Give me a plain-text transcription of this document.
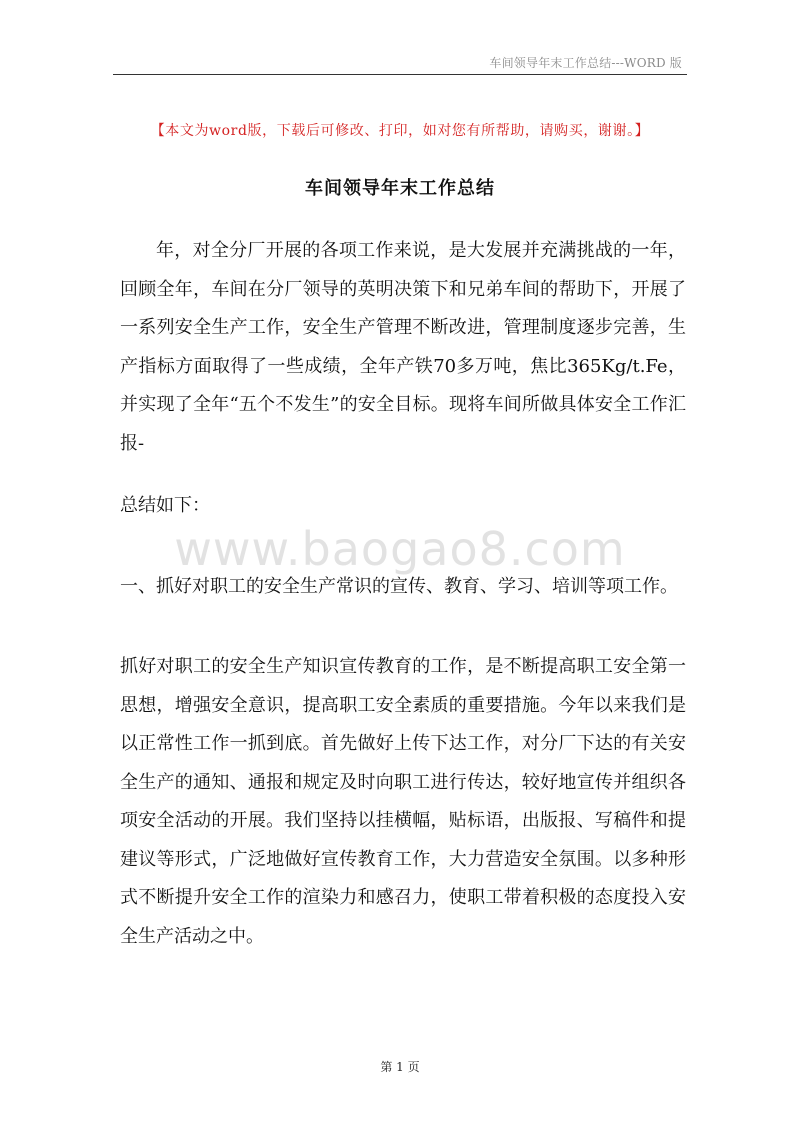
车间领导年末工作总结---WORD 版
【本文为word版，下载后可修改、打印，如对您有所帮助，请购买，谢谢。】
车间领导年末工作总结

年，对全分厂开展的各项工作来说，是大发展并充满挑战的一年，回顾全年，车间在分厂领导的英明决策下和兄弟车间的帮助下，开展了一系列安全生产工作，安全生产管理不断改进，管理制度逐步完善，生产指标方面取得了一些成绩，全年产铁70多万吨，焦比365Kg/t.Fe，并实现了全年“五个不发生”的安全目标。现将车间所做具体安全工作汇报-

总结如下：

www.baogao8.com

一、抓好对职工的安全生产常识的宣传、教育、学习、培训等项工作。

抓好对职工的安全生产知识宣传教育的工作，是不断提高职工安全第一思想，增强安全意识，提高职工安全素质的重要措施。今年以来我们是以正常性工作一抓到底。首先做好上传下达工作，对分厂下达的有关安全生产的通知、通报和规定及时向职工进行传达，较好地宣传并组织各项安全活动的开展。我们坚持以挂横幅，贴标语，出版报、写稿件和提建议等形式，广泛地做好宣传教育工作，大力营造安全氛围。以多种形式不断提升安全工作的渲染力和感召力，使职工带着积极的态度投入安全生产活动之中。

第 1 页
